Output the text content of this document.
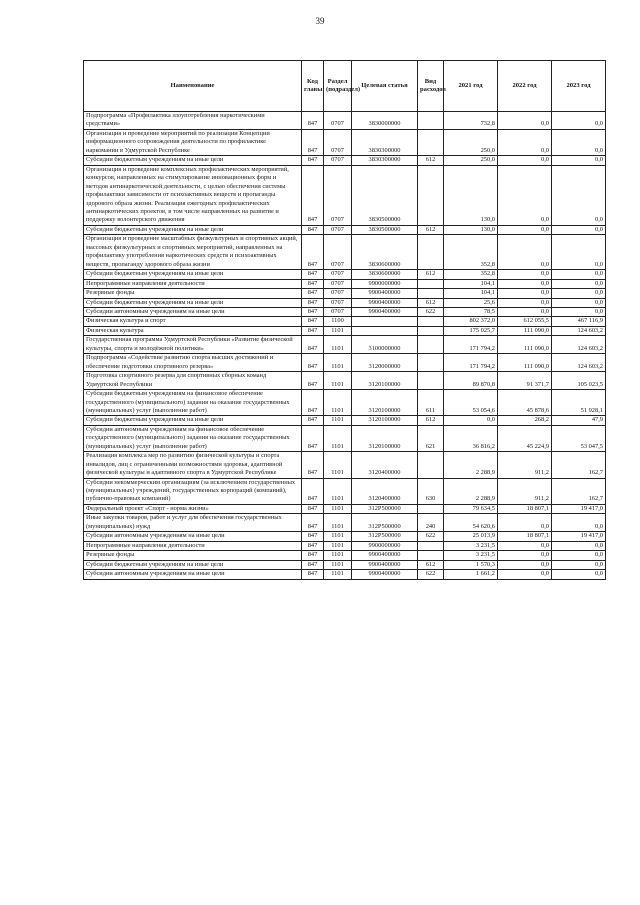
39
Наименование	Код главы	Раздел (подраздел)	Целевая статья	Вид расходов	2021 год	2022 год	2023 год
Подпрограмма «Профилактика злоупотребления наркотическими средствами»	847	0707	3830000000		732,8	0,0	0,0
Организация и проведение мероприятий по реализации Концепции информационного сопровождения деятельности по профилактике наркомании в Удмуртской Республике	847	0707	3830300000		250,0	0,0	0,0
Субсидии бюджетным учреждениям на иные цели	847	0707	3830300000	612	250,0	0,0	0,0
Организация и проведение комплексных профилактических мероприятий, конкурсов, направленных на стимулирование инновационных форм и методов антинаркотической деятельности, с целью обеспечения системы профилактики зависимости от психоактивных веществ и пропаганды здорового образа жизни. Реализация ежегодных профилактических антинаркотических проектов, в том числе направленных на развитие и поддержку волонтерского движения	847	0707	3830500000		130,0	0,0	0,0
Субсидии бюджетным учреждениям на иные цели	847	0707	3830500000	612	130,0	0,0	0,0
Организация и проведение масштабных физкультурных и спортивных акций, массовых физкультурных и спортивных мероприятий, направленных на профилактику употребления наркотических средств и психоактивных веществ, пропаганду здорового образа жизни	847	0707	3830600000		352,8	0,0	0,0
Субсидии бюджетным учреждениям на иные цели	847	0707	3830600000	612	352,8	0,0	0,0
Непрограммные направления деятельности	847	0707	9900000000		104,1	0,0	0,0
Резервные фонды	847	0707	9900400000		104,1	0,0	0,0
Субсидии бюджетным учреждениям на иные цели	847	0707	9900400000	612	25,6	0,0	0,0
Субсидии автономным учреждениям на иные цели	847	0707	9900400000	622	78,5	0,0	0,0
Физическая культура и спорт	847	1100			802 372,0	612 055,5	467 116,9
Физическая культура	847	1101			175 025,7	111 090,0	124 603,2
Государственная программа Удмуртской Республики «Развитие физической культуры, спорта и молодёжной политики»	847	1101	3100000000		171 794,2	111 090,0	124 603,2
Подпрограмма «Содействие развитию спорта высших достижений и обеспечение подготовки спортивного резерва»	847	1101	3120000000		171 794,2	111 090,0	124 603,2
Подготовка спортивного резерва для спортивных сборных команд Удмуртской Республики	847	1101	3120100000		89 870,8	91 371,7	105 023,5
Субсидии бюджетным учреждениям на финансовое обеспечение государственного (муниципального) задания на оказание государственных (муниципальных) услуг (выполнение работ)	847	1101	3120100000	611	53 054,6	45 878,6	51 928,1
Субсидии бюджетным учреждениям на иные цели	847	1101	3120100000	612	0,0	268,2	47,9
Субсидии автономным учреждениям на финансовое обеспечение государственного (муниципального) задания на оказание государственных (муниципальных) услуг (выполнение работ)	847	1101	3120100000	621	36 816,2	45 224,9	53 047,5
Реализация комплекса мер по развитию физической культуры и спорта инвалидов, лиц с ограниченными возможностями здоровья, адаптивной физической культуры и адаптивного спорта в Удмуртской Республике	847	1101	3120400000		2 288,9	911,2	162,7
Субсидии некоммерческим организациям (за исключением государственных (муниципальных) учреждений, государственных корпораций (компаний), публично-правовых компаний)	847	1101	3120400000	630	2 288,9	911,2	162,7
Федеральный проект «Спорт - норма жизни»	847	1101	312P500000		79 634,5	18 807,1	19 417,0
Иные закупки товаров, работ и услуг для обеспечения государственных (муниципальных) нужд	847	1101	312P500000	240	54 620,6	0,0	0,0
Субсидии автономным учреждениям на иные цели	847	1101	312P500000	622	25 013,9	18 807,1	19 417,0
Непрограммные направления деятельности	847	1101	9900000000		3 231,5	0,0	0,0
Резервные фонды	847	1101	9900400000		3 231,5	0,0	0,0
Субсидии бюджетным учреждениям на иные цели	847	1101	9900400000	612	1 570,3	0,0	0,0
Субсидии автономным учреждениям на иные цели	847	1101	9900400000	622	1 661,2	0,0	0,0
